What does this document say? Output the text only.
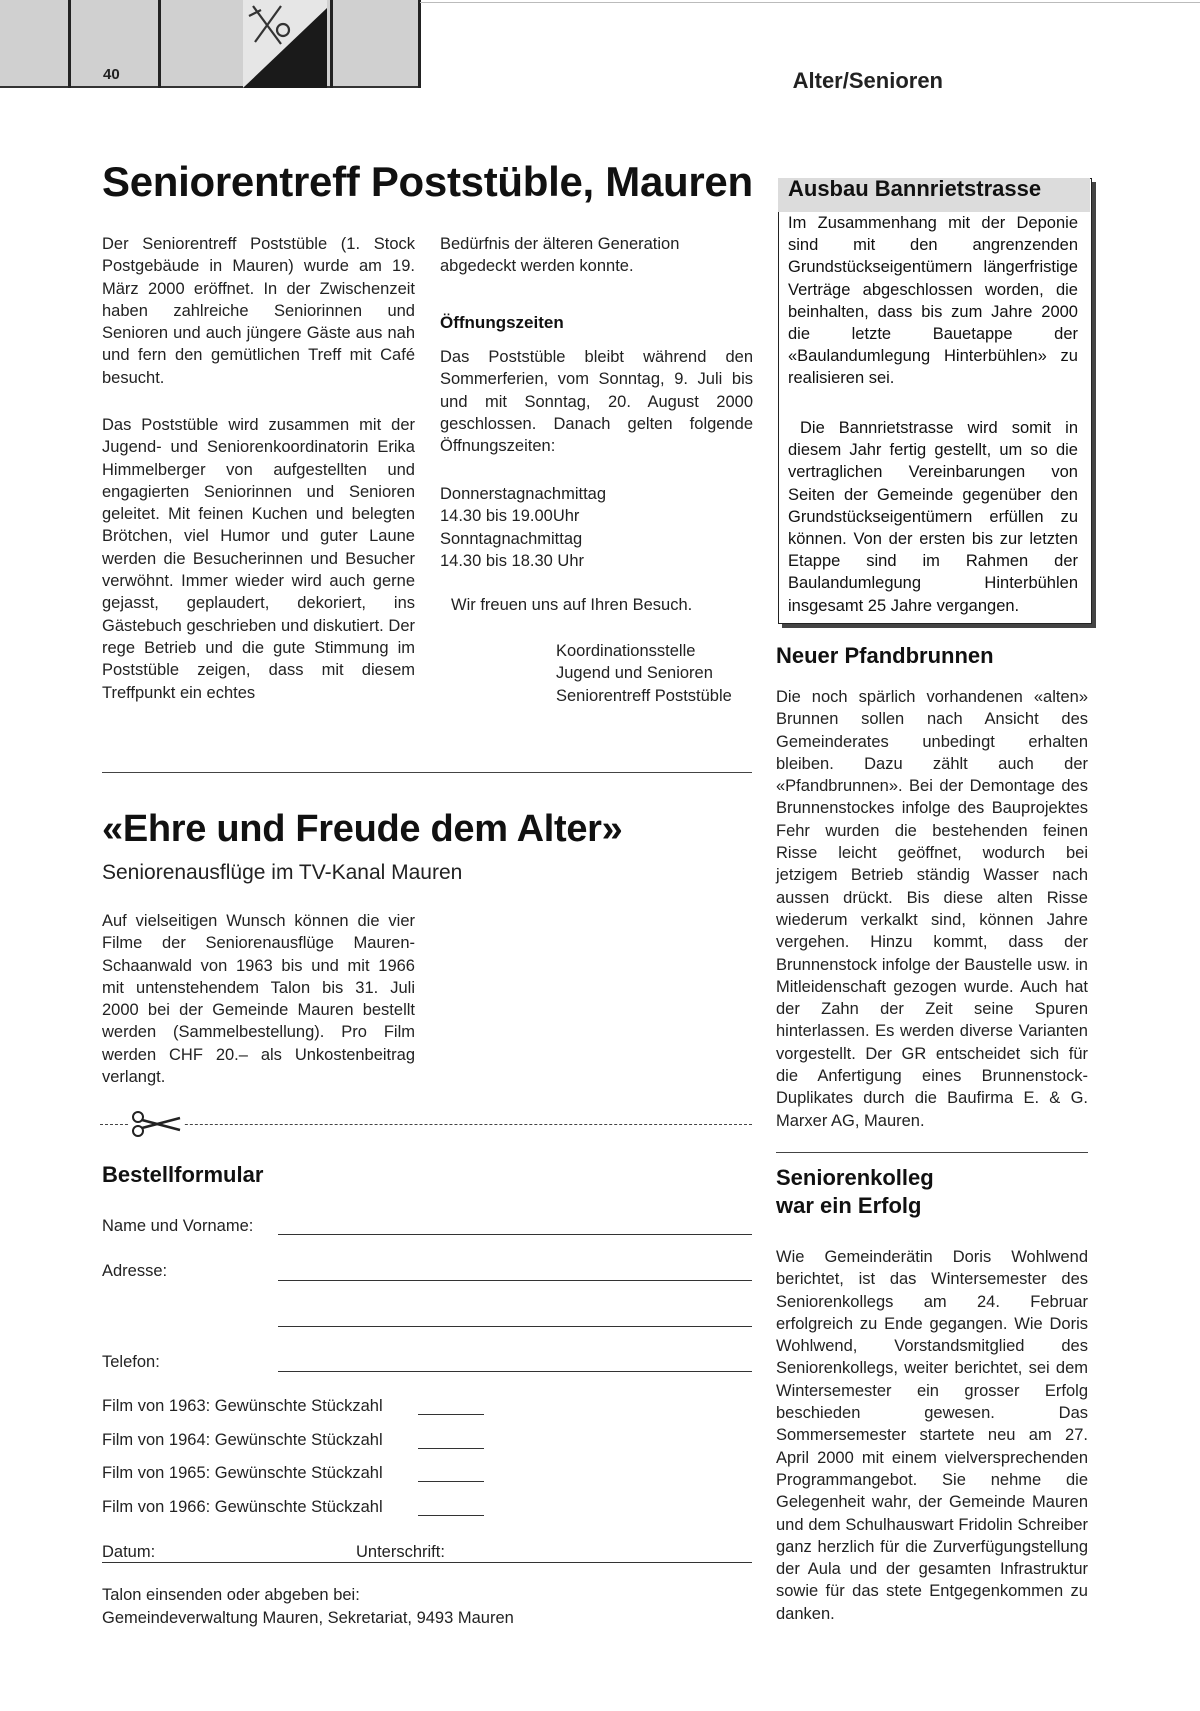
40	Alter/Senioren
Seniorentreff Poststüble, Mauren
Der Seniorentreff Poststüble (1. Stock Postgebäude in Mauren) wurde am 19. März 2000 eröffnet. In der Zwischenzeit haben zahlreiche Seniorinnen und Senioren und auch jüngere Gäste aus nah und fern den gemütlichen Treff mit Café besucht.
Das Poststüble wird zusammen mit der Jugend- und Seniorenkoordinatorin Erika Himmelberger von aufgestellten und engagierten Seniorinnen und Senioren geleitet. Mit feinen Kuchen und belegten Brötchen, viel Humor und guter Laune werden die Besucherinnen und Besucher verwöhnt. Immer wieder wird auch gerne gejasst, geplaudert, dekoriert, ins Gästebuch geschrieben und diskutiert. Der rege Betrieb und die gute Stimmung im Poststüble zeigen, dass mit diesem Treffpunkt ein echtes
Bedürfnis der älteren Generation abgedeckt werden konnte.
Öffnungszeiten
Das Poststüble bleibt während den Sommerferien, vom Sonntag, 9. Juli bis und mit Sonntag, 20. August 2000 geschlossen. Danach gelten folgende Öffnungszeiten:
Donnerstagnachmittag
14.30 bis 19.00Uhr
Sonntagnachmittag
14.30 bis 18.30 Uhr
Wir freuen uns auf Ihren Besuch.
Koordinationsstelle
Jugend und Senioren
Seniorentreff Poststüble
«Ehre und Freude dem Alter»
Seniorenausflüge im TV-Kanal Mauren
Auf vielseitigen Wunsch können die vier Filme der Seniorenausflüge Mauren-Schaanwald von 1963 bis und mit 1966 mit untenstehendem Talon bis 31. Juli 2000 bei der Gemeinde Mauren bestellt werden (Sammelbestellung). Pro Film werden CHF 20.– als Unkostenbeitrag verlangt.
Bestellformular
Name und Vorname:
Adresse:
Telefon:
Film von 1963: Gewünschte Stückzahl
Film von 1964: Gewünschte Stückzahl
Film von 1965: Gewünschte Stückzahl
Film von 1966: Gewünschte Stückzahl
Datum:	Unterschrift:
Talon einsenden oder abgeben bei:
Gemeindeverwaltung Mauren, Sekretariat, 9493 Mauren
Ausbau Bannrietstrasse
Im Zusammenhang mit der Deponie sind mit den angrenzenden Grundstückseigentümern längerfristige Verträge abgeschlossen worden, die beinhalten, dass bis zum Jahre 2000 die letzte Bauetappe der «Baulandumlegung Hinterbühlen» zu realisieren sei.
Die Bannrietstrasse wird somit in diesem Jahr fertig gestellt, um so die vertraglichen Vereinbarungen von Seiten der Gemeinde gegenüber den Grundstückseigentümern erfüllen zu können. Von der ersten bis zur letzten Etappe sind im Rahmen der Baulandumlegung Hinterbühlen insgesamt 25 Jahre vergangen.
Neuer Pfandbrunnen
Die noch spärlich vorhandenen «alten» Brunnen sollen nach Ansicht des Gemeinderates unbedingt erhalten bleiben. Dazu zählt auch der «Pfandbrunnen». Bei der Demontage des Brunnenstockes infolge des Bauprojektes Fehr wurden die bestehenden feinen Risse leicht geöffnet, wodurch bei jetzigem Betrieb ständig Wasser nach aussen drückt. Bis diese alten Risse wiederum verkalkt sind, können Jahre vergehen. Hinzu kommt, dass der Brunnenstock infolge der Baustelle usw. in Mitleidenschaft gezogen wurde. Auch hat der Zahn der Zeit seine Spuren hinterlassen. Es werden diverse Varianten vorgestellt. Der GR entscheidet sich für die Anfertigung eines Brunnenstock-Duplikates durch die Baufirma E. & G. Marxer AG, Mauren.
Seniorenkolleg
war ein Erfolg
Wie Gemeinderätin Doris Wohlwend berichtet, ist das Wintersemester des Seniorenkollegs am 24. Februar erfolgreich zu Ende gegangen. Wie Doris Wohlwend, Vorstandsmitglied des Seniorenkollegs, weiter berichtet, sei dem Wintersemester ein grosser Erfolg beschieden gewesen. Das Sommersemester startete neu am 27. April 2000 mit einem vielversprechenden Programmangebot. Sie nehme die Gelegenheit wahr, der Gemeinde Mauren und dem Schulhauswart Fridolin Schreiber ganz herzlich für die Zurverfügungstellung der Aula und der gesamten Infrastruktur sowie für das stete Entgegenkommen zu danken.
